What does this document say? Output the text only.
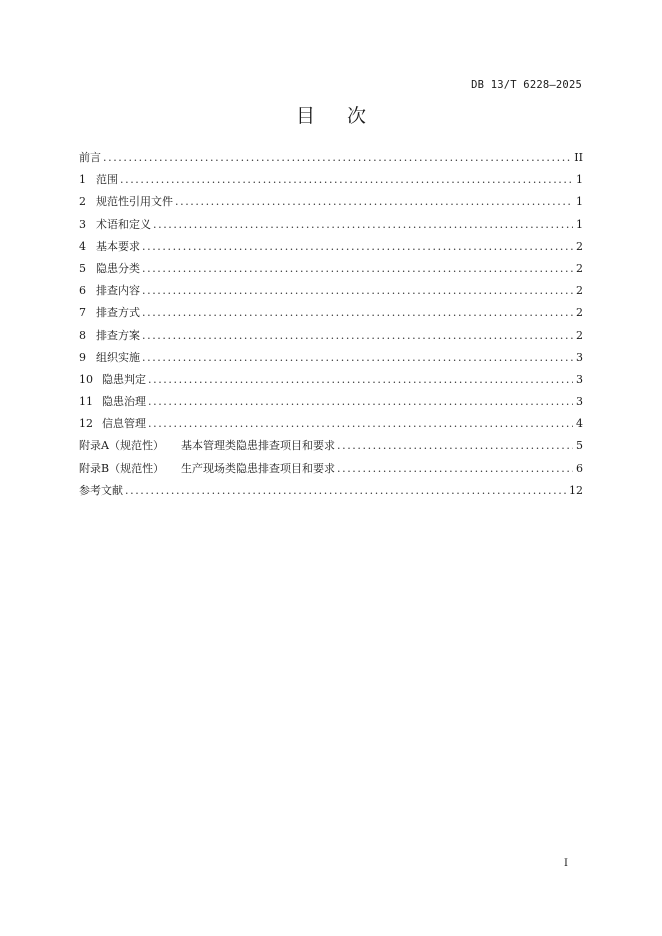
DB 13/T 6228—2025
目 次
前言 .....	II
1 范围 .....	1
2 规范性引用文件 .....	1
3 术语和定义 .....	1
4 基本要求 .....	2
5 隐患分类 .....	2
6 排查内容 .....	2
7 排查方式 .....	2
8 排查方案 .....	2
9 组织实施 .....	3
10 隐患判定 .....	3
11 隐患治理 .....	3
12 信息管理 .....	4
附录A（规范性）	基本管理类隐患排查项目和要求 .....	5
附录B（规范性）	生产现场类隐患排查项目和要求 .....	6
参考文献 .....	12
I
